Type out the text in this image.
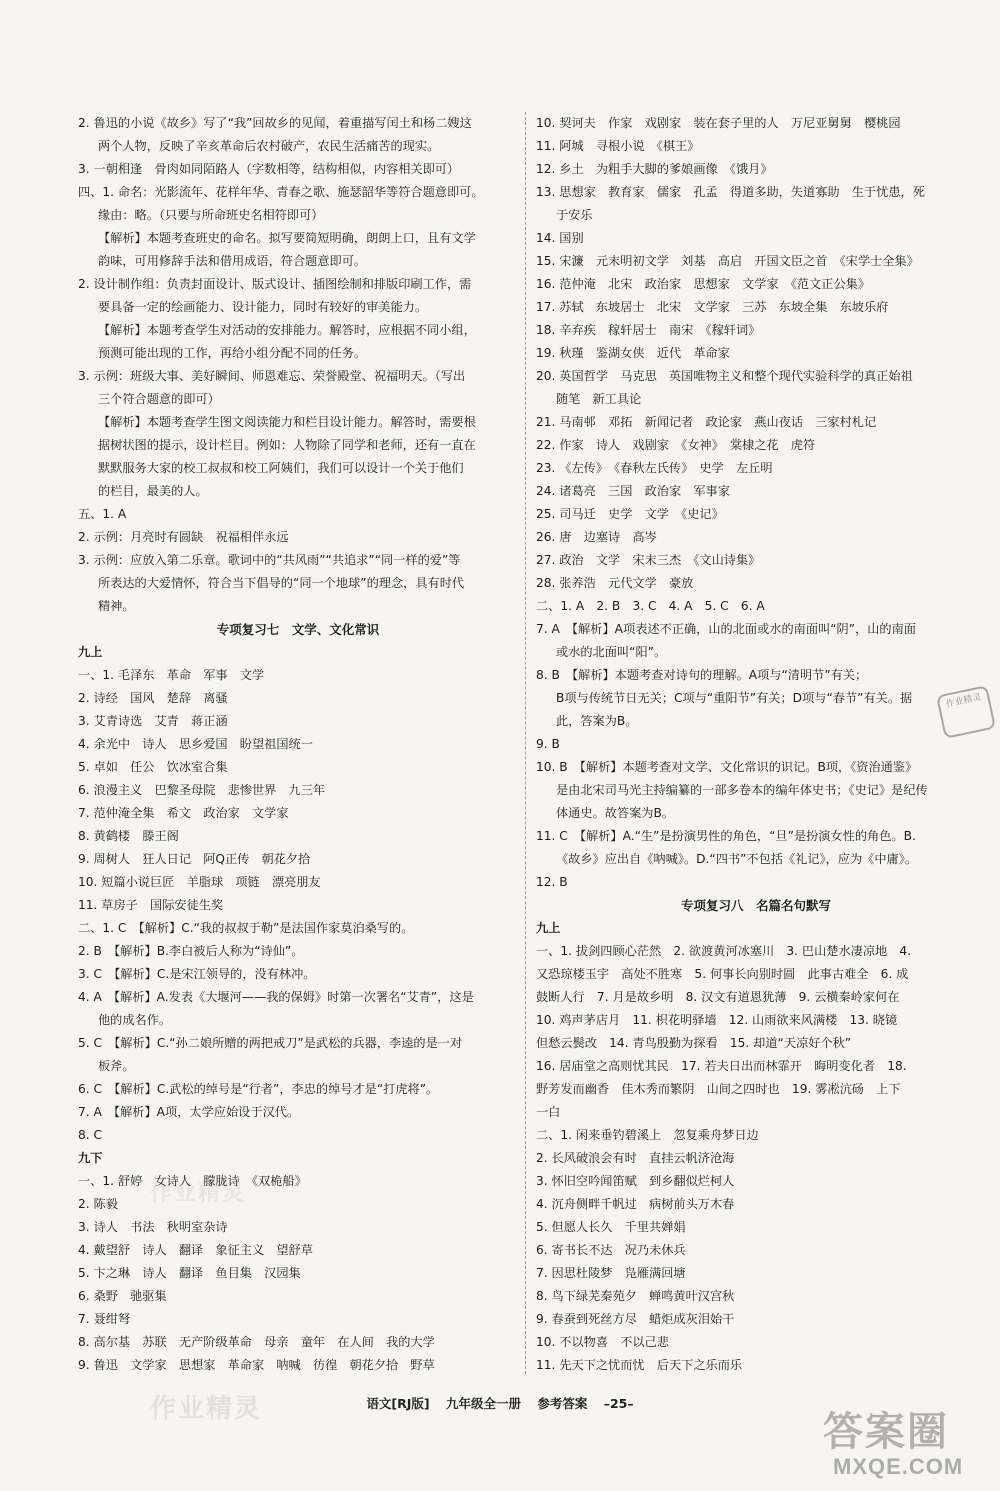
2. 鲁迅的小说《故乡》写了“我”回故乡的见闻，着重描写闰土和杨二嫂这
两个人物，反映了辛亥革命后农村破产，农民生活痛苦的现实。
3. 一朝相逢　骨肉如同陌路人（字数相等，结构相似，内容相关即可）
四、1. 命名：光影流年、花样年华、青春之歌、施瑟韶华等符合题意即可。
缘由：略。（只要与所命班史名相符即可）
【解析】本题考查班史的命名。拟写要简短明确，朗朗上口，且有文学
韵味，可用修辞手法和借用成语，符合题意即可。
2. 设计制作组：负责封面设计、版式设计、插图绘制和排版印刷工作，需
要具备一定的绘画能力、设计能力，同时有较好的审美能力。
【解析】本题考查学生对活动的安排能力。解答时，应根据不同小组，
预测可能出现的工作，再给小组分配不同的任务。
3. 示例：班级大事、美好瞬间、师恩难忘、荣誉殿堂、祝福明天。（写出
三个符合题意的即可）
【解析】本题考查学生图文阅读能力和栏目设计能力。解答时，需要根
据树状图的提示，设计栏目。例如：人物除了同学和老师，还有一直在
默默服务大家的校工叔叔和校工阿姨们，我们可以设计一个关于他们
的栏目，最美的人。
五、1. A
2. 示例：月亮时有圆缺　祝福相伴永远
3. 示例：应放入第二乐章。歌词中的“共风雨”“共追求”“同一样的爱”等
所表达的大爱情怀，符合当下倡导的“同一个地球”的理念，具有时代
精神。
专项复习七　文学、文化常识
九上
一、1. 毛泽东　革命　军事　文学
2. 诗经　国风　楚辞　离骚
3. 艾青诗选　艾青　蒋正涵
4. 余光中　诗人　思乡爱国　盼望祖国统一
5. 卓如　任公　饮冰室合集
6. 浪漫主义　巴黎圣母院　悲惨世界　九三年
7. 范仲淹全集　希文　政治家　文学家
8. 黄鹤楼　滕王阁
9. 周树人　狂人日记　阿Q正传　朝花夕拾
10. 短篇小说巨匠　羊脂球　项链　漂亮朋友
11. 草房子　国际安徒生奖
二、1. C　【解析】C.“我的叔叔于勒”是法国作家莫泊桑写的。
2. B　【解析】B.李白被后人称为“诗仙”。
3. C　【解析】C.是宋江领导的，没有林冲。
4. A　【解析】A.发表《大堰河——我的保姆》时第一次署名“艾青”，这是
他的成名作。
5. C　【解析】C.“孙二娘所赠的两把戒刀”是武松的兵器，李逵的是一对
板斧。
6. C　【解析】C.武松的绰号是“行者”，李忠的绰号才是“打虎将”。
7. A　【解析】A项，太学应始设于汉代。
8. C
九下
一、1. 舒婷　女诗人　朦胧诗　《双桅船》
2. 陈毅
3. 诗人　书法　秋明室杂诗
4. 戴望舒　诗人　翻译　象征主义　望舒草
5. 卞之琳　诗人　翻译　鱼目集　汉园集
6. 桑野　驰驱集
7. 聂绀弩
8. 高尔基　苏联　无产阶级革命　母亲　童年　在人间　我的大学
9. 鲁迅　文学家　思想家　革命家　呐喊　彷徨　朝花夕拾　野草
10. 契诃夫　作家　戏剧家　装在套子里的人　万尼亚舅舅　樱桃园
11. 阿城　寻根小说　《棋王》
12. 乡土　为粗手大脚的爹娘画像　《饿月》
13. 思想家　教育家　儒家　孔孟　得道多助，失道寡助　生于忧患，死
于安乐
14. 国别
15. 宋濂　元末明初文学　刘基　高启　开国文臣之首　《宋学士全集》
16. 范仲淹　北宋　政治家　思想家　文学家　《范文正公集》
17. 苏轼　东坡居士　北宋　文学家　三苏　东坡全集　东坡乐府
18. 辛弃疾　稼轩居士　南宋　《稼轩词》
19. 秋瑾　鉴湖女侠　近代　革命家
20. 英国哲学　马克思　英国唯物主义和整个现代实验科学的真正始祖
随笔　新工具论
21. 马南邨　邓拓　新闻记者　政论家　燕山夜话　三家村札记
22. 作家　诗人　戏剧家　《女神》　棠棣之花　虎符
23. 《左传》　《春秋左氏传》　史学　左丘明
24. 诸葛亮　三国　政治家　军事家
25. 司马迁　史学　文学　《史记》
26. 唐　边塞诗　高岑
27. 政治　文学　宋末三杰　《文山诗集》
28. 张养浩　元代文学　豪放
二、1. A　2. B　3. C　4. A　5. C　6. A
7. A　【解析】A项表述不正确，山的北面或水的南面叫“阴”，山的南面
或水的北面叫“阳”。
8. B　【解析】本题考查对诗句的理解。A项与“清明节”有关；
B项与传统节日无关；C项与“重阳节”有关；D项与“春节”有关。据
此，答案为B。
9. B
10. B　【解析】本题考查对文学、文化常识的识记。B项，《资治通鉴》
是由北宋司马光主持编纂的一部多卷本的编年体史书；《史记》是纪传
体通史。故答案为B。
11. C　【解析】A.“生”是扮演男性的角色，“旦”是扮演女性的角色。B.
《故乡》应出自《呐喊》。D.“四书”不包括《礼记》，应为《中庸》。
12. B
专项复习八　名篇名句默写
九上
一、1. 拔剑四顾心茫然　2. 欲渡黄河冰塞川　3. 巴山楚水凄凉地　4.
又恐琼楼玉宇　高处不胜寒　5. 何事长向别时圆　此事古难全　6. 成
鼓断人行　7. 月是故乡明　8. 汉文有道恩犹薄　9. 云横秦岭家何在
10. 鸡声茅店月　11. 枳花明驿墙　12. 山雨欲来风满楼　13. 晓镜
但愁云鬓改　14. 青鸟殷勤为探看　15. 却道“天凉好个秋”
16. 居庙堂之高则忧其民　17. 若夫日出而林霏开　晦明变化者　18.
野芳发而幽香　佳木秀而繁阴　山间之四时也　19. 雾凇沆砀　上下
一白
二、1. 闲来垂钓碧溪上　忽复乘舟梦日边
2. 长风破浪会有时　直挂云帆济沧海
3. 怀旧空吟闻笛赋　到乡翻似烂柯人
4. 沉舟侧畔千帆过　病树前头万木春
5. 但愿人长久　千里共婵娟
6. 寄书长不达　况乃未休兵
7. 因思杜陵梦　凫雁满回塘
8. 鸟下绿芜秦苑夕　蝉鸣黄叶汉宫秋
9. 春蚕到死丝方尽　蜡炬成灰泪始干
10. 不以物喜　不以己悲
11. 先天下之忧而忧　后天下之乐而乐
作业精灵
作业精灵
作业精灵
语文[RJ版] 九年级全一册 参考答案 –25–
答案圈
MXQE.COM
